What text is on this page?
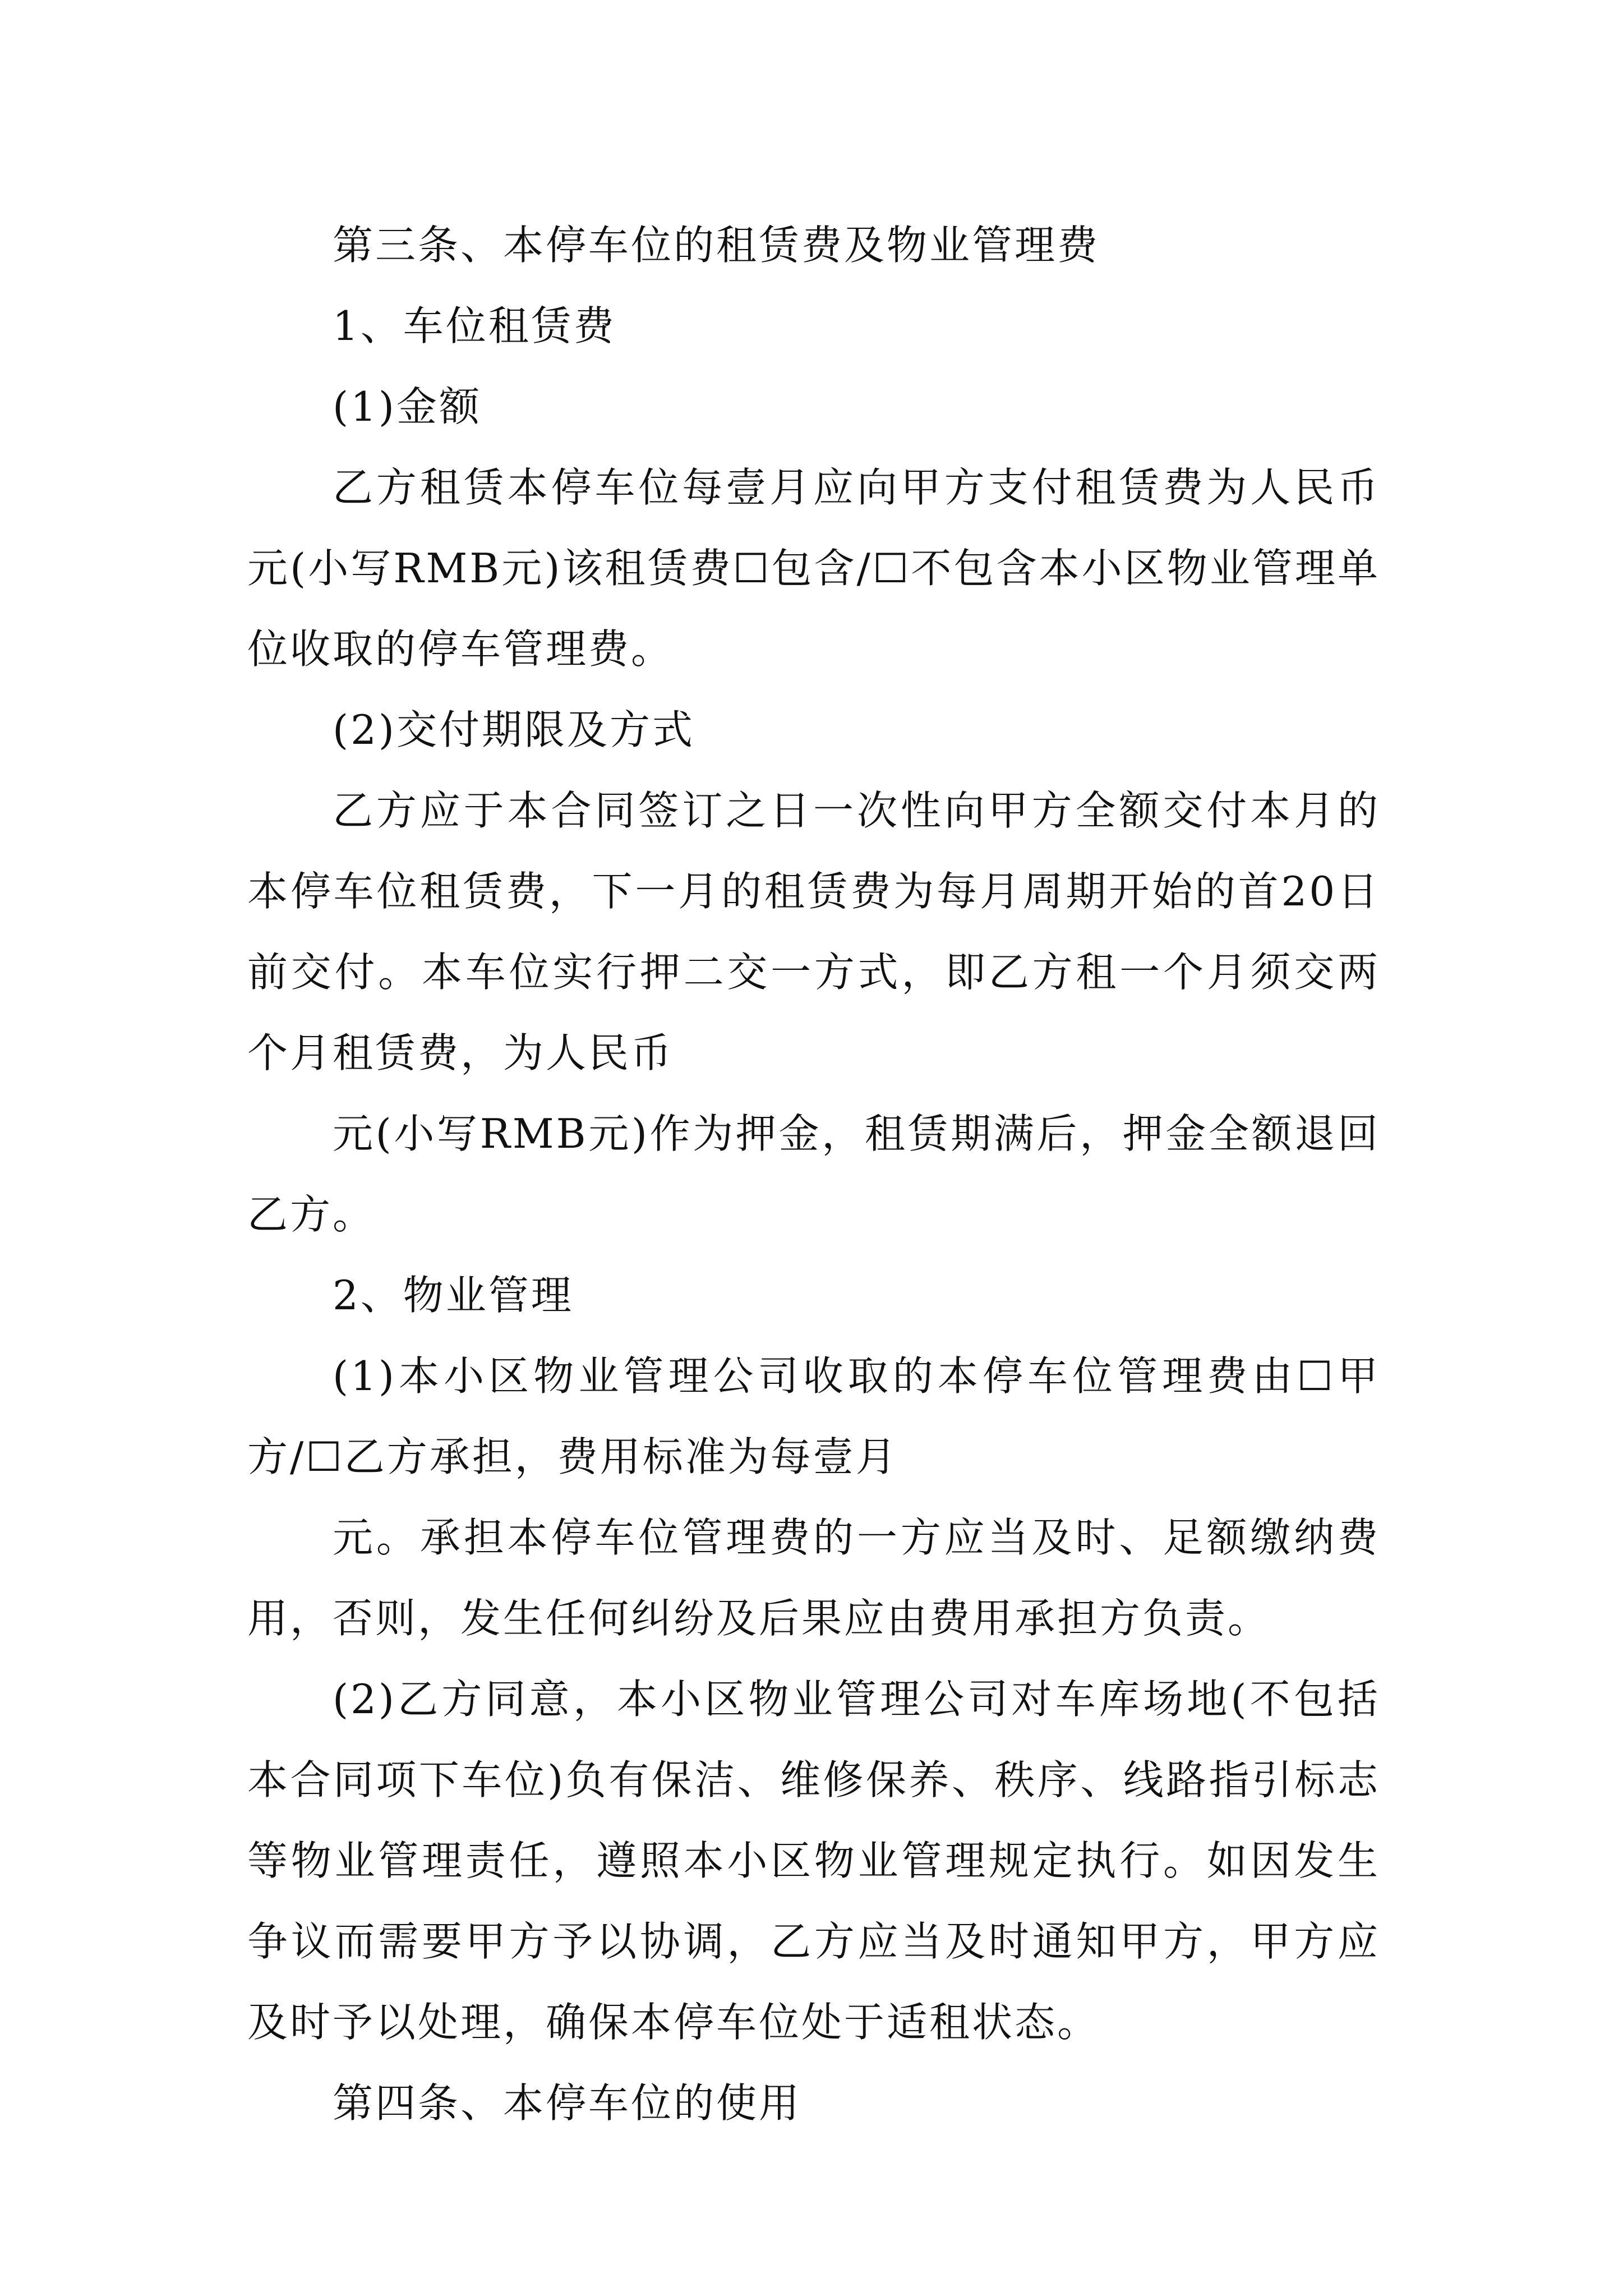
第三条、本停车位的租赁费及物业管理费

1、车位租赁费

(1)金额

乙方租赁本停车位每壹月应向甲方支付租赁费为人民币元(小写RMB元)该租赁费☐包含/☐不包含本小区物业管理单位收取的停车管理费。

(2)交付期限及方式

乙方应于本合同签订之日一次性向甲方全额交付本月的本停车位租赁费，下一月的租赁费为每月周期开始的首20日前交付。本车位实行押二交一方式，即乙方租一个月须交两个月租赁费，为人民币

元(小写RMB元)作为押金，租赁期满后，押金全额退回乙方。

2、物业管理

(1)本小区物业管理公司收取的本停车位管理费由☐甲方/☐乙方承担，费用标准为每壹月

元。承担本停车位管理费的一方应当及时、足额缴纳费用，否则，发生任何纠纷及后果应由费用承担方负责。

(2)乙方同意，本小区物业管理公司对车库场地(不包括本合同项下车位)负有保洁、维修保养、秩序、线路指引标志等物业管理责任，遵照本小区物业管理规定执行。如因发生争议而需要甲方予以协调，乙方应当及时通知甲方，甲方应及时予以处理，确保本停车位处于适租状态。

第四条、本停车位的使用
